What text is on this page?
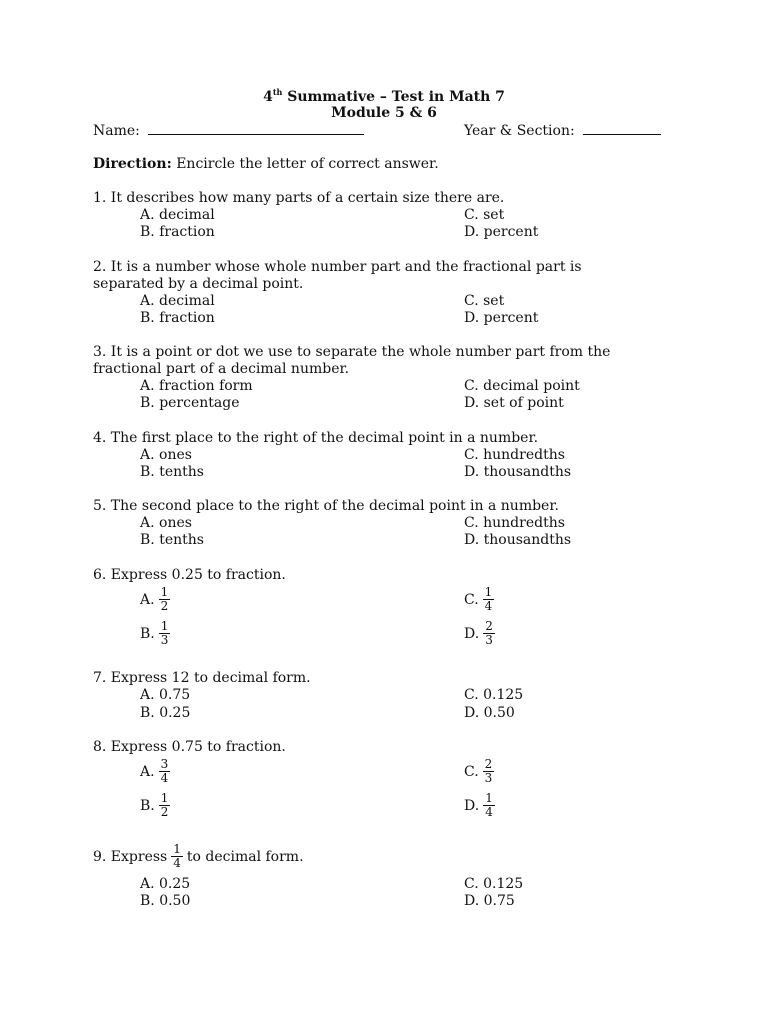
4th Summative – Test in Math 7
Module 5 & 6
Name:	Year & Section:
Direction: Encircle the letter of correct answer.
1. It describes how many parts of a certain size there are.
A. decimal
B. fraction
C. set
D. percent
2. It is a number whose whole number part and the fractional part is
separated by a decimal point.
A. decimal
B. fraction
C. set
D. percent
3. It is a point or dot we use to separate the whole number part from the
fractional part of a decimal number.
A. fraction form
B. percentage
C. decimal point
D. set of point
4. The first place to the right of the decimal point in a number.
A. ones
B. tenths
C. hundredths
D. thousandths
5. The second place to the right of the decimal point in a number.
A. ones
B. tenths
C. hundredths
D. thousandths
6. Express 0.25 to fraction.
A. $\frac{1}{2}$
B. $\frac{1}{3}$
C. $\frac{1}{4}$
D. $\frac{2}{3}$
7. Express 12 to decimal form.
A. 0.75
B. 0.25
C. 0.125
D. 0.50
8. Express 0.75 to fraction.
A. $\frac{3}{4}$
B. $\frac{1}{2}$
C. $\frac{2}{3}$
D. $\frac{1}{4}$
9. Express $\frac{1}{4}$ to decimal form.
A. 0.25
B. 0.50
C. 0.125
D. 0.75
